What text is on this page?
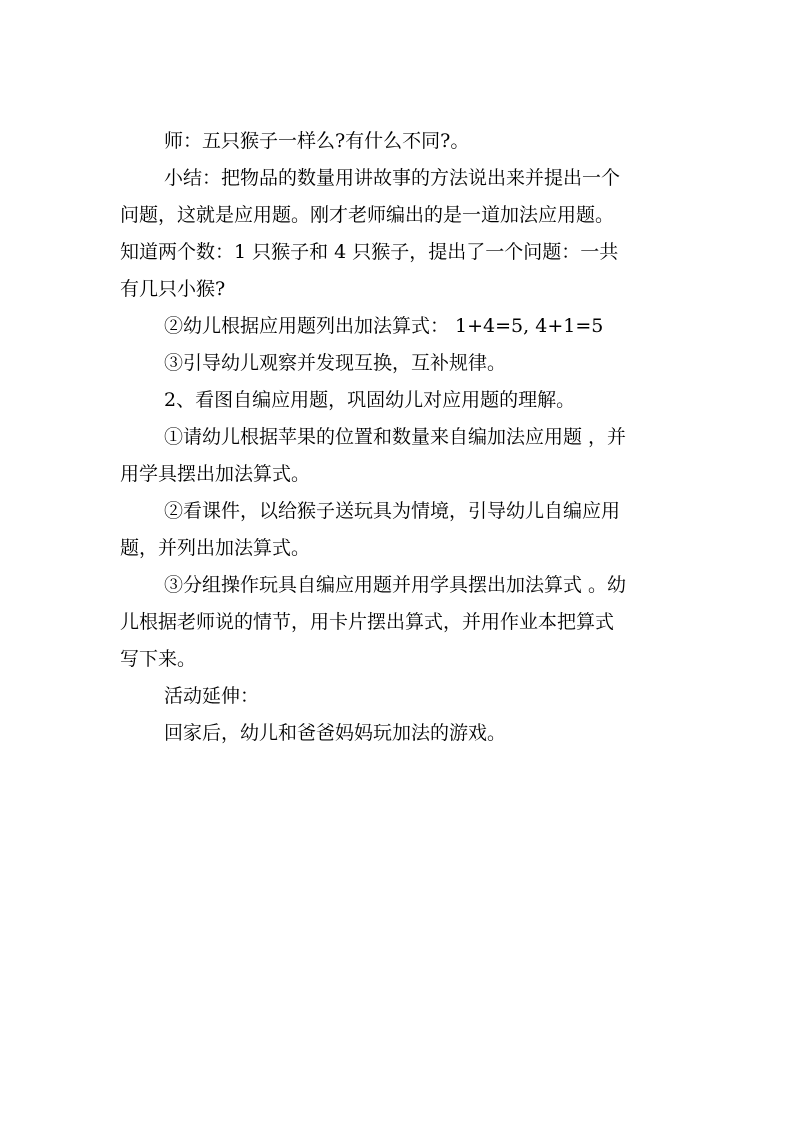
师：五只猴子一样么?有什么不同?。

小结：把物品的数量用讲故事的方法说出来并提出一个
问题，这就是应用题。刚才老师编出的是一道加法应用题。
知道两个数：1 只猴子和 4 只猴子，提出了一个问题：一共
有几只小猴?

②幼儿根据应用题列出加法算式： 1+4=5, 4+1=5

③引导幼儿观察并发现互换，互补规律。

2、看图自编应用题，巩固幼儿对应用题的理解。

①请幼儿根据苹果的位置和数量来自编加法应用题 ，并
用学具摆出加法算式。

②看课件，以给猴子送玩具为情境，引导幼儿自编应用
题，并列出加法算式。

③分组操作玩具自编应用题并用学具摆出加法算式 。幼
儿根据老师说的情节，用卡片摆出算式，并用作业本把算式
写下来。

活动延伸：

回家后，幼儿和爸爸妈妈玩加法的游戏。
